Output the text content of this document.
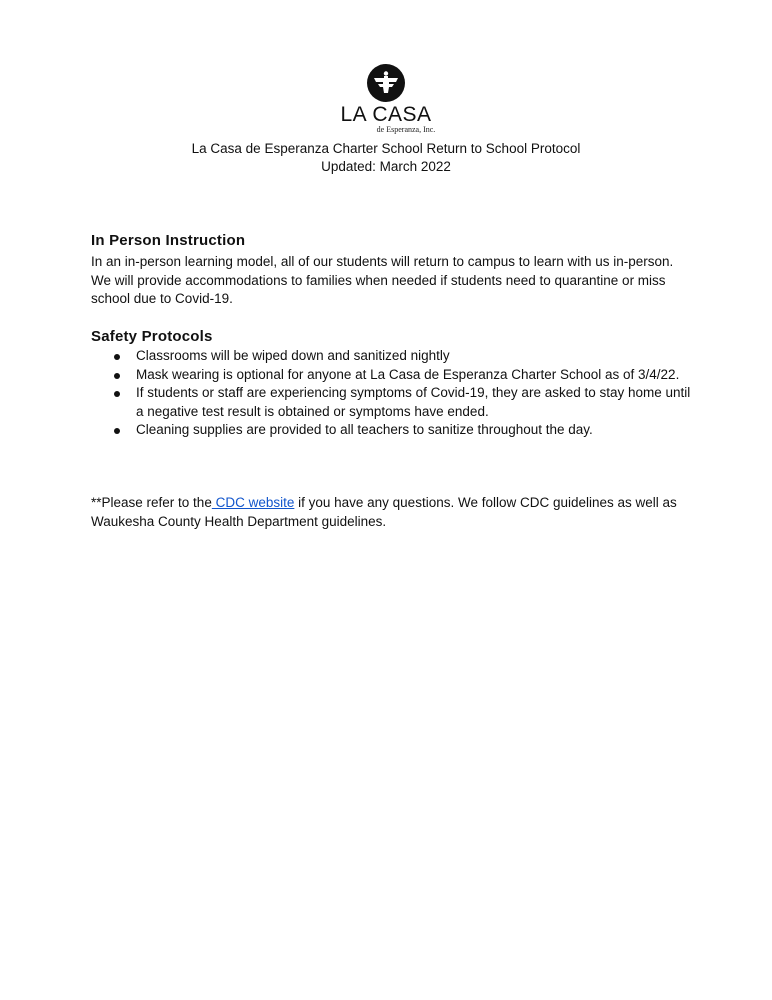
LA CASA
de Esperanza, Inc.
La Casa de Esperanza Charter School Return to School Protocol
Updated: March 2022
In Person Instruction

In an in-person learning model, all of our students will return to campus to learn with us in-person. We will provide accommodations to families when needed if students need to quarantine or miss school due to Covid-19.

Safety Protocols
Classrooms will be wiped down and sanitized nightly
Mask wearing is optional for anyone at La Casa de Esperanza Charter School as of 3/4/22.
If students or staff are experiencing symptoms of Covid-19, they are asked to stay home until a negative test result is obtained or symptoms have ended.
Cleaning supplies are provided to all teachers to sanitize throughout the day.

**Please refer to the CDC website if you have any questions. We follow CDC guidelines as well as Waukesha County Health Department guidelines.
